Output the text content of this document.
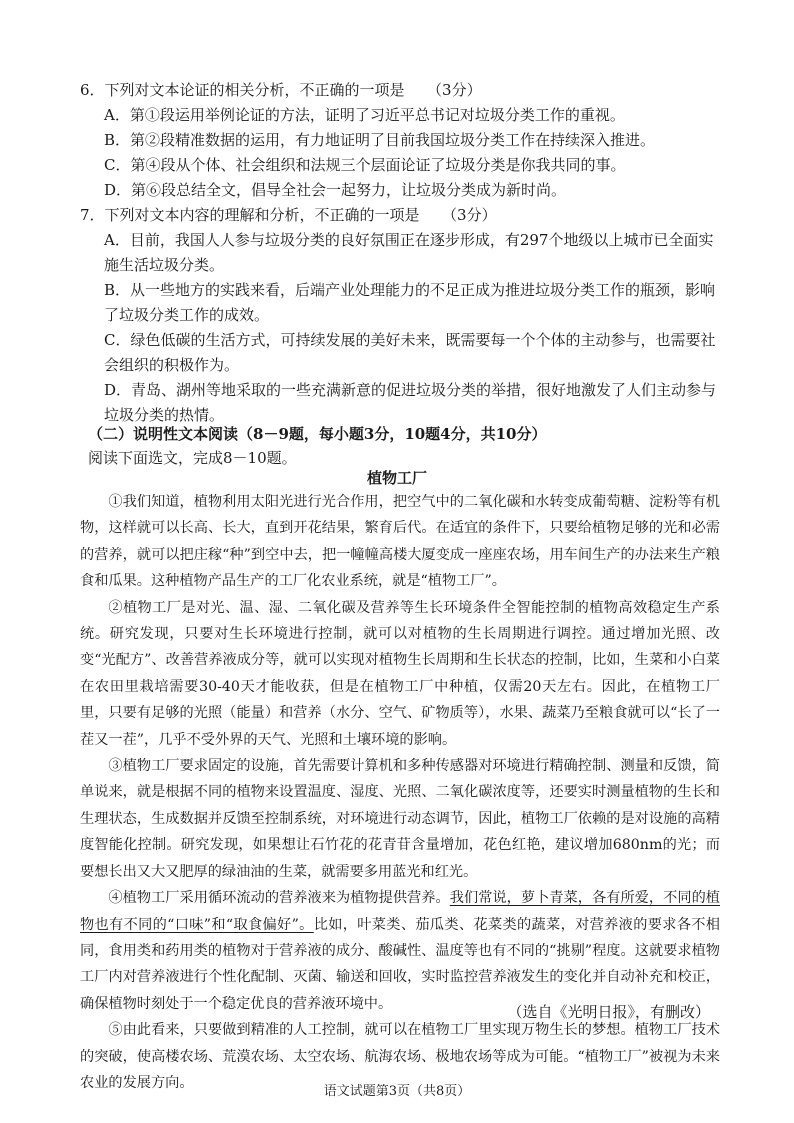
6．下列对文本论证的相关分析，不正确的一项是　　（3分）
A．第①段运用举例论证的方法，证明了习近平总书记对垃圾分类工作的重视。
B．第②段精准数据的运用，有力地证明了目前我国垃圾分类工作在持续深入推进。
C．第④段从个体、社会组织和法规三个层面论证了垃圾分类是你我共同的事。
D．第⑥段总结全文，倡导全社会一起努力，让垃圾分类成为新时尚。
7．下列对文本内容的理解和分析，不正确的一项是　　（3分）
A．目前，我国人人参与垃圾分类的良好氛围正在逐步形成，有297个地级以上城市已全面实施生活垃圾分类。
B．从一些地方的实践来看，后端产业处理能力的不足正成为推进垃圾分类工作的瓶颈，影响了垃圾分类工作的成效。
C．绿色低碳的生活方式，可持续发展的美好未来，既需要每一个个体的主动参与，也需要社会组织的积极作为。
D．青岛、湖州等地采取的一些充满新意的促进垃圾分类的举措，很好地激发了人们主动参与垃圾分类的热情。
（二）说明性文本阅读（8－9题，每小题3分，10题4分，共10分）
阅读下面选文，完成8－10题。
植物工厂

①我们知道，植物利用太阳光进行光合作用，把空气中的二氧化碳和水转变成葡萄糖、淀粉等有机物，这样就可以长高、长大，直到开花结果，繁育后代。在适宜的条件下，只要给植物足够的光和必需的营养，就可以把庄稼“种”到空中去，把一幢幢高楼大厦变成一座座农场，用车间生产的办法来生产粮食和瓜果。这种植物产品生产的工厂化农业系统，就是“植物工厂”。

②植物工厂是对光、温、湿、二氧化碳及营养等生长环境条件全智能控制的植物高效稳定生产系统。研究发现，只要对生长环境进行控制，就可以对植物的生长周期进行调控。通过增加光照、改变“光配方”、改善营养液成分等，就可以实现对植物生长周期和生长状态的控制，比如，生菜和小白菜在农田里栽培需要30-40天才能收获，但是在植物工厂中种植，仅需20天左右。因此，在植物工厂里，只要有足够的光照（能量）和营养（水分、空气、矿物质等），水果、蔬菜乃至粮食就可以“长了一茬又一茬”，几乎不受外界的天气、光照和土壤环境的影响。

③植物工厂要求固定的设施，首先需要计算机和多种传感器对环境进行精确控制、测量和反馈，简单说来，就是根据不同的植物来设置温度、湿度、光照、二氧化碳浓度等，还要实时测量植物的生长和生理状态，生成数据并反馈至控制系统，对环境进行动态调节，因此，植物工厂依赖的是对设施的高精度智能化控制。研究发现，如果想让石竹花的花青苷含量增加，花色红艳，建议增加680nm的光；而要想长出又大又肥厚的绿油油的生菜，就需要多用蓝光和红光。

④植物工厂采用循环流动的营养液来为植物提供营养。我们常说，萝卜青菜，各有所爱，不同的植物也有不同的“口味”和“取食偏好”。比如，叶菜类、茄瓜类、花菜类的蔬菜，对营养液的要求各不相同，食用类和药用类的植物对于营养液的成分、酸碱性、温度等也有不同的“挑剔”程度。这就要求植物工厂内对营养液进行个性化配制、灭菌、输送和回收，实时监控营养液发生的变化并自动补充和校正，确保植物时刻处于一个稳定优良的营养液环境中。

⑤由此看来，只要做到精准的人工控制，就可以在植物工厂里实现万物生长的梦想。植物工厂技术的突破，使高楼农场、荒漠农场、太空农场、航海农场、极地农场等成为可能。“植物工厂”被视为未来农业的发展方向。

（选自《光明日报》，有删改）
语文试题第3页（共8页）
